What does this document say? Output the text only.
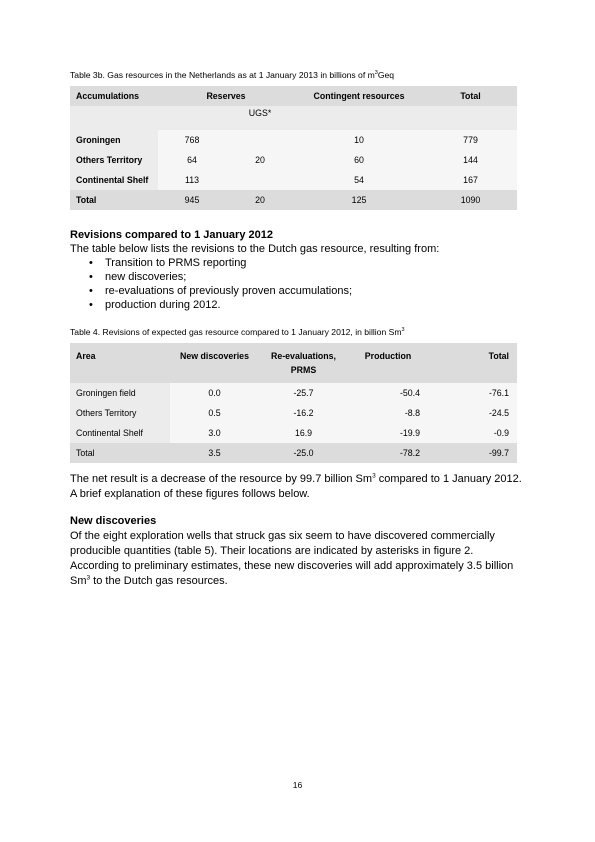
Table 3b. Gas resources in the Netherlands as at 1 January 2013 in billions of $m^3Geq$
Accumulations	Reserves		Contingent resources	Total
		UGS*		
Groningen	768		10	779
Others Territory	64	20	60	144
Continental Shelf	113		54	167
Total	945	20	125	1090
Revisions compared to 1 January 2012
The table below lists the revisions to the Dutch gas resource, resulting from:
• Transition to PRMS reporting
• new discoveries;
• re-evaluations of previously proven accumulations;
• production during 2012.
Table 4. Revisions of expected gas resource compared to 1 January 2012, in billion Sm$^3$
Area	New discoveries	Re-evaluations,
PRMS	Production	Total
Groningen field	0.0	-25.7	-50.4	-76.1
Others Territory	0.5	-16.2	-8.8	-24.5
Continental Shelf	3.0	16.9	-19.9	-0.9
Total	3.5	-25.0	-78.2	-99.7
The net result is a decrease of the resource by 99.7 billion Sm$^3$ compared to 1 January 2012.
A brief explanation of these figures follows below.
New discoveries
Of the eight exploration wells that struck gas six seem to have discovered commercially
producible quantities (table 5). Their locations are indicated by asterisks in figure 2.
According to preliminary estimates, these new discoveries will add approximately 3.5 billion
Sm$^3$ to the Dutch gas resources.
16
